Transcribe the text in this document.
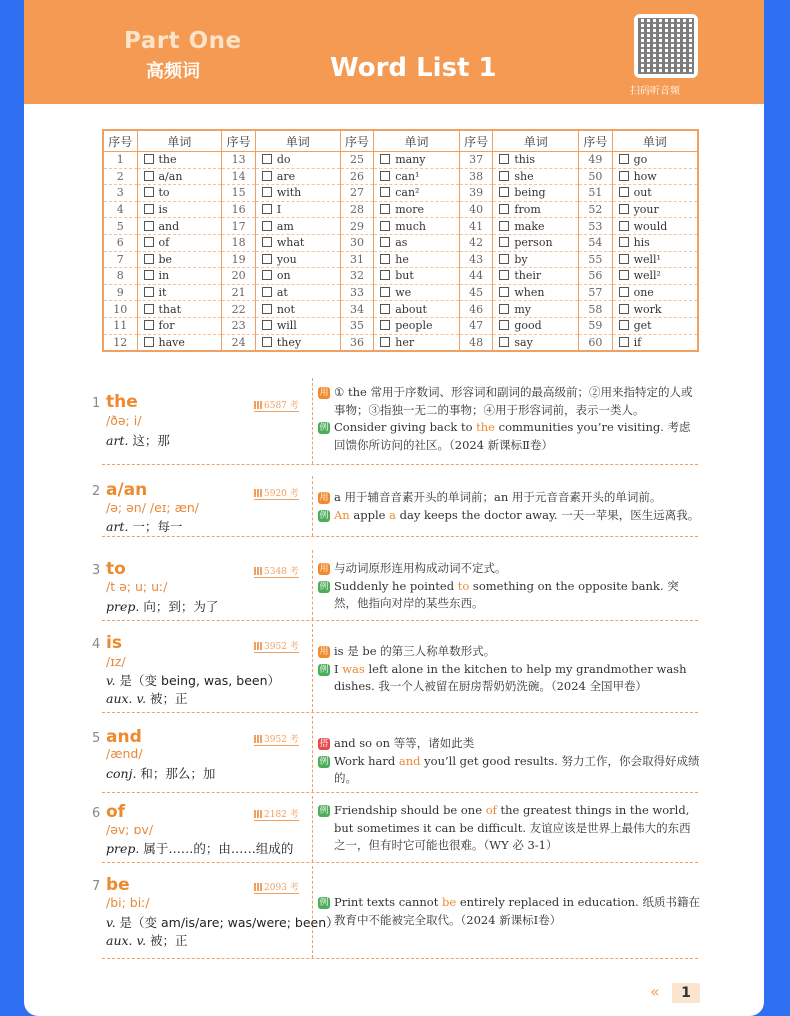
Part One
高频词	Word List 1
扫码听音频
序号	单词	序号	单词	序号	单词	序号	单词	序号	单词
1	the	13	do	25	many	37	this	49	go
2	a/an	14	are	26	can¹	38	she	50	how
3	to	15	with	27	can²	39	being	51	out
4	is	16	I	28	more	40	from	52	your
5	and	17	am	29	much	41	make	53	would
6	of	18	what	30	as	42	person	54	his
7	be	19	you	31	he	43	by	55	well¹
8	in	20	on	32	but	44	their	56	well²
9	it	21	at	33	we	45	when	57	one
10	that	22	not	34	about	46	my	58	work
11	for	23	will	35	people	47	good	59	get
12	have	24	they	36	her	48	say	60	if
1 the	6587 考
/ðə; i/
art. 这；那
用 ① the 常用于序数词、形容词和副词的最高级前；②用来指特定的人或事物；③指独一无二的事物；④用于形容词前，表示一类人。
例 Consider giving back to the communities you’re visiting. 考虑回馈你所访问的社区。（2024 新课标Ⅱ卷）
2 a/an	5920 考
/ə; ən/ /eɪ; æn/
art. 一；每一
用 a 用于辅音音素开头的单词前；an 用于元音音素开头的单词前。
例 An apple a day keeps the doctor away. 一天一苹果，医生远离我。
3 to	5348 考
/t ə; u; uː/
prep. 向；到；为了
用 与动词原形连用构成动词不定式。
例 Suddenly he pointed to something on the opposite bank. 突然，他指向对岸的某些东西。
4 is	3952 考
/ɪz/
v. 是（变 being, was, been）
aux. v. 被；正
用 is 是 be 的第三人称单数形式。
例 I was left alone in the kitchen to help my grandmother wash dishes. 我一个人被留在厨房帮奶奶洗碗。（2024 全国甲卷）
5 and	3952 考
/ænd/
conj. 和；那么；加
搭 and so on 等等，诸如此类
例 Work hard and you’ll get good results. 努力工作，你会取得好成绩的。
6 of	2182 考
/əv; ɒv/
prep. 属于……的；由……组成的
例 Friendship should be one of the greatest things in the world, but sometimes it can be difficult. 友谊应该是世界上最伟大的东西之一，但有时它可能也很难。（WY 必 3-1）
7 be	2093 考
/bi; biː/
v. 是（变 am/is/are; was/were; been）
aux. v. 被；正
例 Print texts cannot be entirely replaced in education. 纸质书籍在教育中不能被完全取代。（2024 新课标Ⅰ卷）
«	1
